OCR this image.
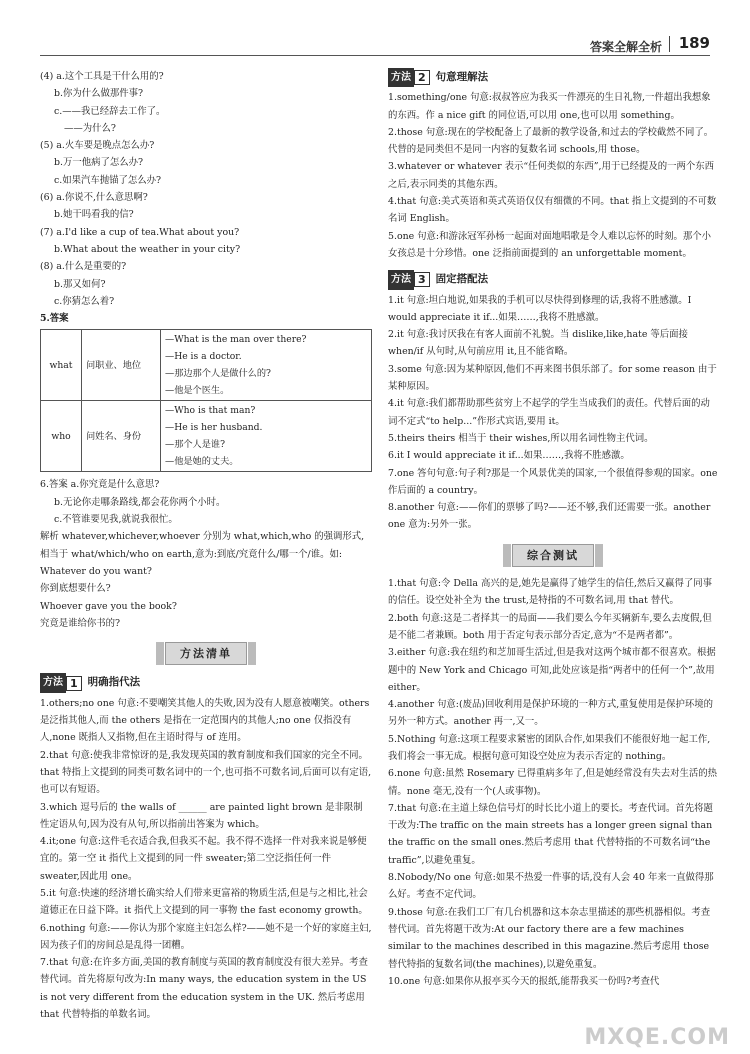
答案全解全析 189

(4) a.这个工具是干什么用的?

b.你为什么做那件事?

c.——我已经辞去工作了。

——为什么?

(5) a.火车要是晚点怎么办?

b.万一他病了怎么办?

c.如果汽车抛锚了怎么办?

(6) a.你说不,什么意思啊?

b.她干吗看我的信?

(7) a.I'd like a cup of tea.What about you?

b.What about the weather in your city?

(8) a.什么是重要的?

b.那又如何?

c.你猜怎么着?

5.答案

what	问职业、地位	—What is the man over there?
—He is a doctor.
—那边那个人是做什么的?
—他是个医生。

who	问姓名、身份	—Who is that man?
—He is her husband.
—那个人是谁?
—他是她的丈夫。

6.答案 a.你究竟是什么意思?

b.无论你走哪条路线,都会花你两个小时。

c.不管谁要见我,就说我很忙。

解析 whatever,whichever,whoever 分别为 what,which,who 的强调形式,相当于 what/which/who on earth,意为:到底/究竟什么/哪一个/谁。如:

Whatever do you want?

你到底想要什么?

Whoever gave you the book?

究竟是谁给你书的?

方法清单
方法 1 明确指代法

1.others;no one 句意:不要嘲笑其他人的失败,因为没有人愿意被嘲笑。others 是泛指其他人,而 the others 是指在一定范围内的其他人;no one 仅指没有人,none 既指人又指物,但在主语时得与 of 连用。

2.that 句意:使我非常惊讶的是,我发现英国的教育制度和我们国家的完全不同。that 特指上文提到的同类可数名词中的一个,也可指不可数名词,后面可以有定语,也可以有短语。

3.which 逗号后的 the walls of ______ are painted light brown 是非限制性定语从句,因为没有从句,所以指前出答案为 which。

4.it;one 句意:这件毛衣适合我,但我买不起。我不得不选择一件对我来说是够便宜的。第一空 it 指代上文提到的同一件 sweater;第二空泛指任何一件 sweater,因此用 one。

5.it 句意:快速的经济增长确实给人们带来更富裕的物质生活,但是与之相比,社会道德正在日益下降。it 指代上文提到的同一事物 the fast economy growth。

6.nothing 句意:——你认为那个家庭主妇怎么样?——她不是一个好的家庭主妇,因为孩子们的房间总是乱得一团糟。

7.that 句意:在许多方面,美国的教育制度与英国的教育制度没有很大差异。考查替代词。首先将原句改为:In many ways, the education system in the US is not very different from the education system in the UK. 然后考虑用 that 代替特指的单数名词。

方法 2 句意理解法

1.something/one 句意:叔叔答应为我买一件漂亮的生日礼物,一件超出我想象的东西。作 a nice gift 的同位语,可以用 one,也可以用 something。

2.those 句意:现在的学校配备上了最新的教学设备,和过去的学校截然不同了。代替的是同类但不是同一内容的复数名词 schools,用 those。

3.whatever or whatever 表示“任何类似的东西”,用于已经提及的一两个东西之后,表示同类的其他东西。

4.that 句意:美式英语和英式英语仅仅有细微的不同。that 指上文提到的不可数名词 English。

5.one 句意:和游泳冠军孙杨一起面对面地唱歌是令人难以忘怀的时刻。那个小女孩总是十分珍惜。one 泛指前面提到的 an unforgettable moment。

方法 3 固定搭配法

1.it 句意:坦白地说,如果我的手机可以尽快得到修理的话,我将不胜感激。I would appreciate it if...如果……,我将不胜感激。

2.it 句意:我讨厌我在有客人面前不礼貌。当 dislike,like,hate 等后面接 when/if 从句时,从句前应用 it,且不能省略。

3.some 句意:因为某种原因,他们不再来图书俱乐部了。for some reason 由于某种原因。

4.it 句意:我们都帮助那些贫穷上不起学的学生当成我们的责任。代替后面的动词不定式“to help...”作形式宾语,要用 it。

5.theirs theirs 相当于 their wishes,所以用名词性物主代词。

6.it I would appreciate it if...如果……,我将不胜感激。

7.one 答句句意:句子利?那是一个风景优美的国家,一个很值得参观的国家。one 作后面的 a country。

8.another 句意:——你们的票够了吗?——还不够,我们还需要一张。another one 意为:另外一张。

综合测试

1.that 句意:令 Della 高兴的是,她先是赢得了她学生的信任,然后又赢得了同事的信任。设空处补全为 the trust,是特指的不可数名词,用 that 替代。

2.both 句意:这是二者择其一的局面——我们要么今年买辆新车,要么去度假,但是不能二者兼顾。both 用于否定句表示部分否定,意为“不是两者都”。

3.either 句意:我在纽约和芝加哥生活过,但是我对这两个城市都不很喜欢。根据题中的 New York and Chicago 可知,此处应该是指“两者中的任何一个”,故用 either。

4.another 句意:(废品)回收利用是保护环境的一种方式,重复使用是保护环境的另外一种方式。another 再一,又一。

5.Nothing 句意:这项工程要求紧密的团队合作,如果我们不能很好地一起工作,我们将会一事无成。根据句意可知设空处应为表示否定的 nothing。

6.none 句意:虽然 Rosemary 已得重病多年了,但是她经常没有失去对生活的热情。none 毫无,没有一个(人或事物)。

7.that 句意:在主道上绿色信号灯的时长比小道上的要长。考查代词。首先将题干改为:The traffic on the main streets has a longer green signal than the traffic on the small ones.然后考虑用 that 代替特指的不可数名词“the traffic”,以避免重复。

8.Nobody/No one 句意:如果不热爱一件事的话,没有人会 40 年来一直做得那么好。考查不定代词。

9.those 句意:在我们工厂有几台机器和这本杂志里描述的那些机器相似。考查替代词。首先将题干改为:At our factory there are a few machines similar to the machines described in this magazine.然后考虑用 those 替代特指的复数名词(the machines),以避免重复。

10.one 句意:如果你从报亭买今天的报纸,能帮我买一份吗?考查代

MXQE.COM
